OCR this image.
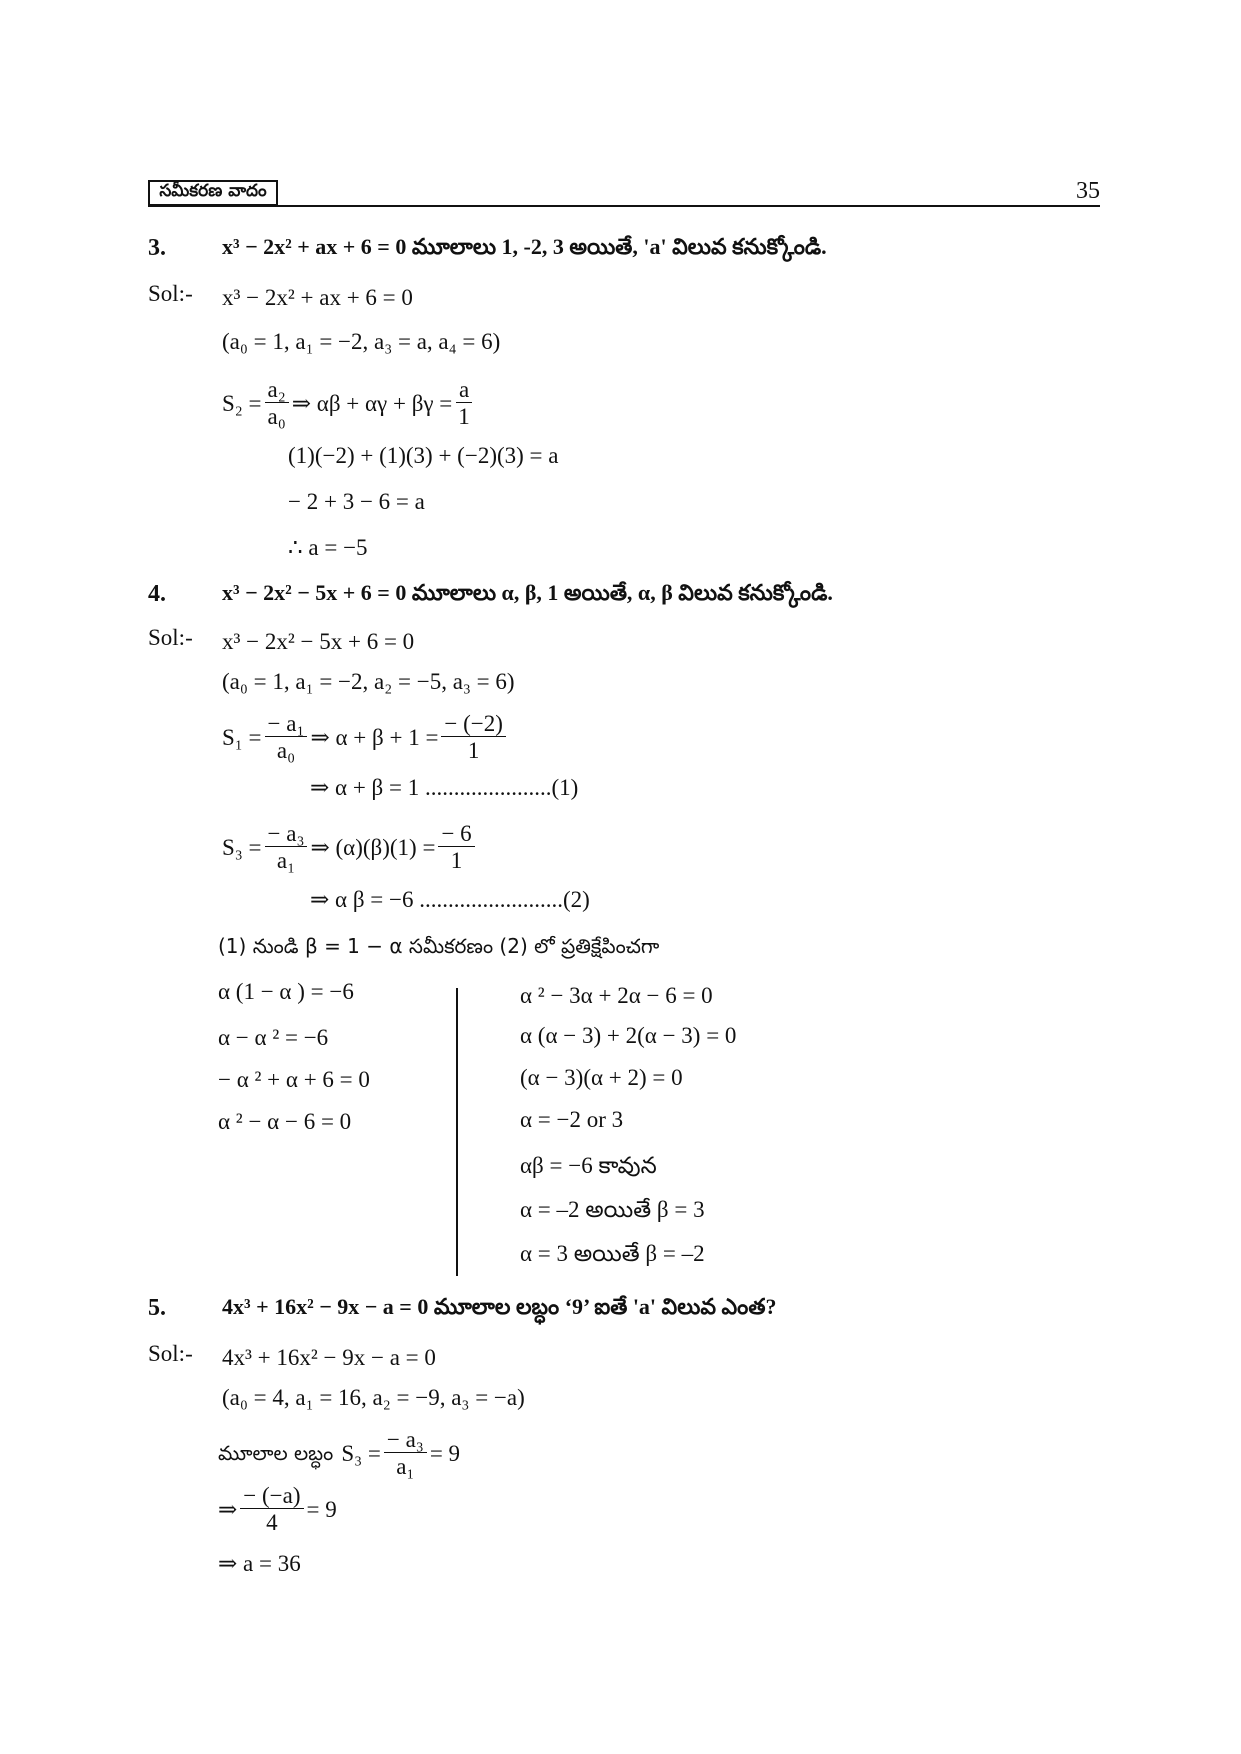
సమీకరణ వాదం	35
3.	x³ − 2x² + ax + 6 = 0 మూలాలు 1, -2, 3 అయితే, 'a' విలువ కనుక్కోండి.
Sol:- x³ − 2x² + ax + 6 = 0
(a₀ = 1, a₁ = −2, a₃ = a, a₄ = 6)
$S_2 = \frac{\text{a₂}}{\text{a₀}}$ ⇒ $\alpha\beta + \alpha\gamma + \beta\gamma = \frac{a}{1}$
(1)(−2) + (1)(3) + (−2)(3) = a
− 2 + 3 − 6 = a
∴ a = −5
4.	x³ − 2x² − 5x + 6 = 0 మూలాలు α, β, 1 అయితే, α, β విలువ కనుక్కోండి.
Sol:- x³ − 2x² − 5x + 6 = 0
(a₀ = 1, a₁ = −2, a₂ = −5, a₃ = 6)
$S_1 = \frac{\text{− a₁}}{\text{a₀}}$ ⇒ $\alpha + \beta + 1 = \frac{- (-2)}{1}$
⇒ α + β = 1 ......................(1)
$S_3 = \frac{\text{− a₃}}{\text{a₁}}$ ⇒ $(\alpha)(\beta)(1) = \frac{- 6}{1}$
⇒ α β = −6 .........................(2)
(1) నుండి β = 1 − α సమీకరణం (2) లో ప్రతిక్షేపించగా
α (1 − α ) = −6
α − α ² = −6
− α ² + α + 6 = 0
α ² − α − 6 = 0
α ² − 3α + 2α − 6 = 0
α (α − 3) + 2(α − 3) = 0
(α − 3)(α + 2) = 0
α = −2 or 3
αβ = −6 కావున
α = –2 అయితే β = 3
α = 3 అయితే β = –2
5.	4x³ + 16x² − 9x − a = 0 మూలాల లబ్ధం ‘9’ ఐతే 'a' విలువ ఎంత?
Sol:- 4x³ + 16x² − 9x − a = 0
(a₀ = 4, a₁ = 16, a₂ = −9, a₃ = −a)
మూలాల లబ్ధం $S_3 = \frac{\text{− a₃}}{\text{a₁}} = 9$
⇒ $\frac{- (-a)}{4} = 9$
⇒ a = 36
